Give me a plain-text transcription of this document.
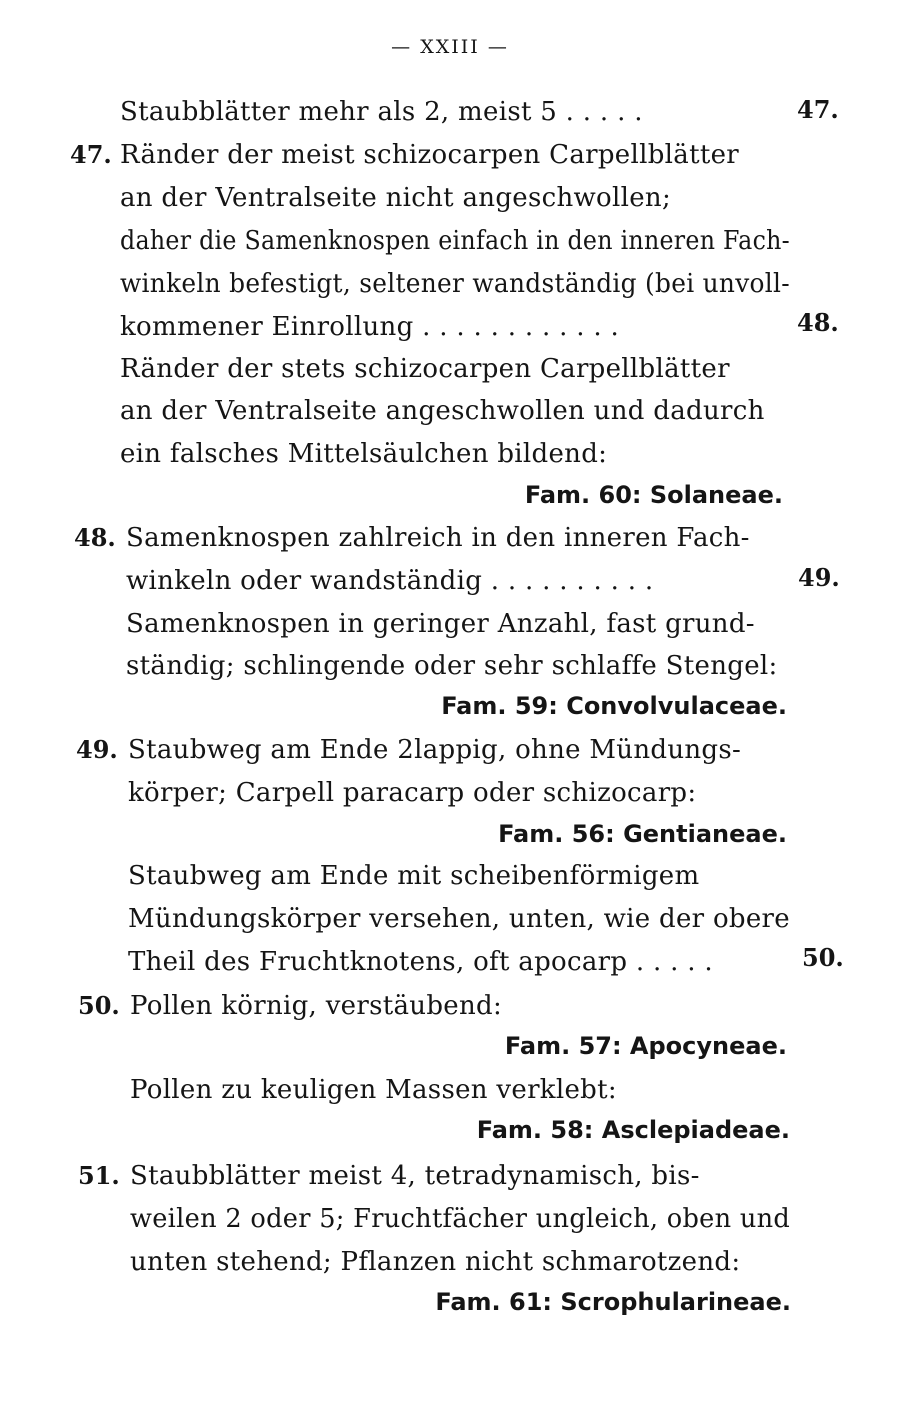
— XXIII —
Staubblätter mehr als 2, meist 5 . . . . .	47.
47. Ränder der meist schizocarpen Carpellblätter
an der Ventralseite nicht angeschwollen;
daher die Samenknospen einfach in den inneren Fach-
winkeln befestigt, seltener wandständig (bei unvoll-
kommener Einrollung . . . . . . . . . . . .	48.
Ränder der stets schizocarpen Carpellblätter
an der Ventralseite angeschwollen und dadurch
ein falsches Mittelsäulchen bildend:
Fam. 60: Solaneae.
48. Samenknospen zahlreich in den inneren Fach-
winkeln oder wandständig . . . . . . . . . .	49.
Samenknospen in geringer Anzahl, fast grund-
ständig; schlingende oder sehr schlaffe Stengel:
Fam. 59: Convolvulaceae.
49. Staubweg am Ende 2lappig, ohne Mündungs-
körper; Carpell paracarp oder schizocarp:
Fam. 56: Gentianeae.
Staubweg am Ende mit scheibenförmigem
Mündungskörper versehen, unten, wie der obere
Theil des Fruchtknotens, oft apocarp . . . . .	50.
50. Pollen körnig, verstäubend:
Fam. 57: Apocyneae.
Pollen zu keuligen Massen verklebt:
Fam. 58: Asclepiadeae.
51. Staubblätter meist 4, tetradynamisch, bis-
weilen 2 oder 5; Fruchtfächer ungleich, oben und
unten stehend; Pflanzen nicht schmarotzend:
Fam. 61: Scrophularineae.
